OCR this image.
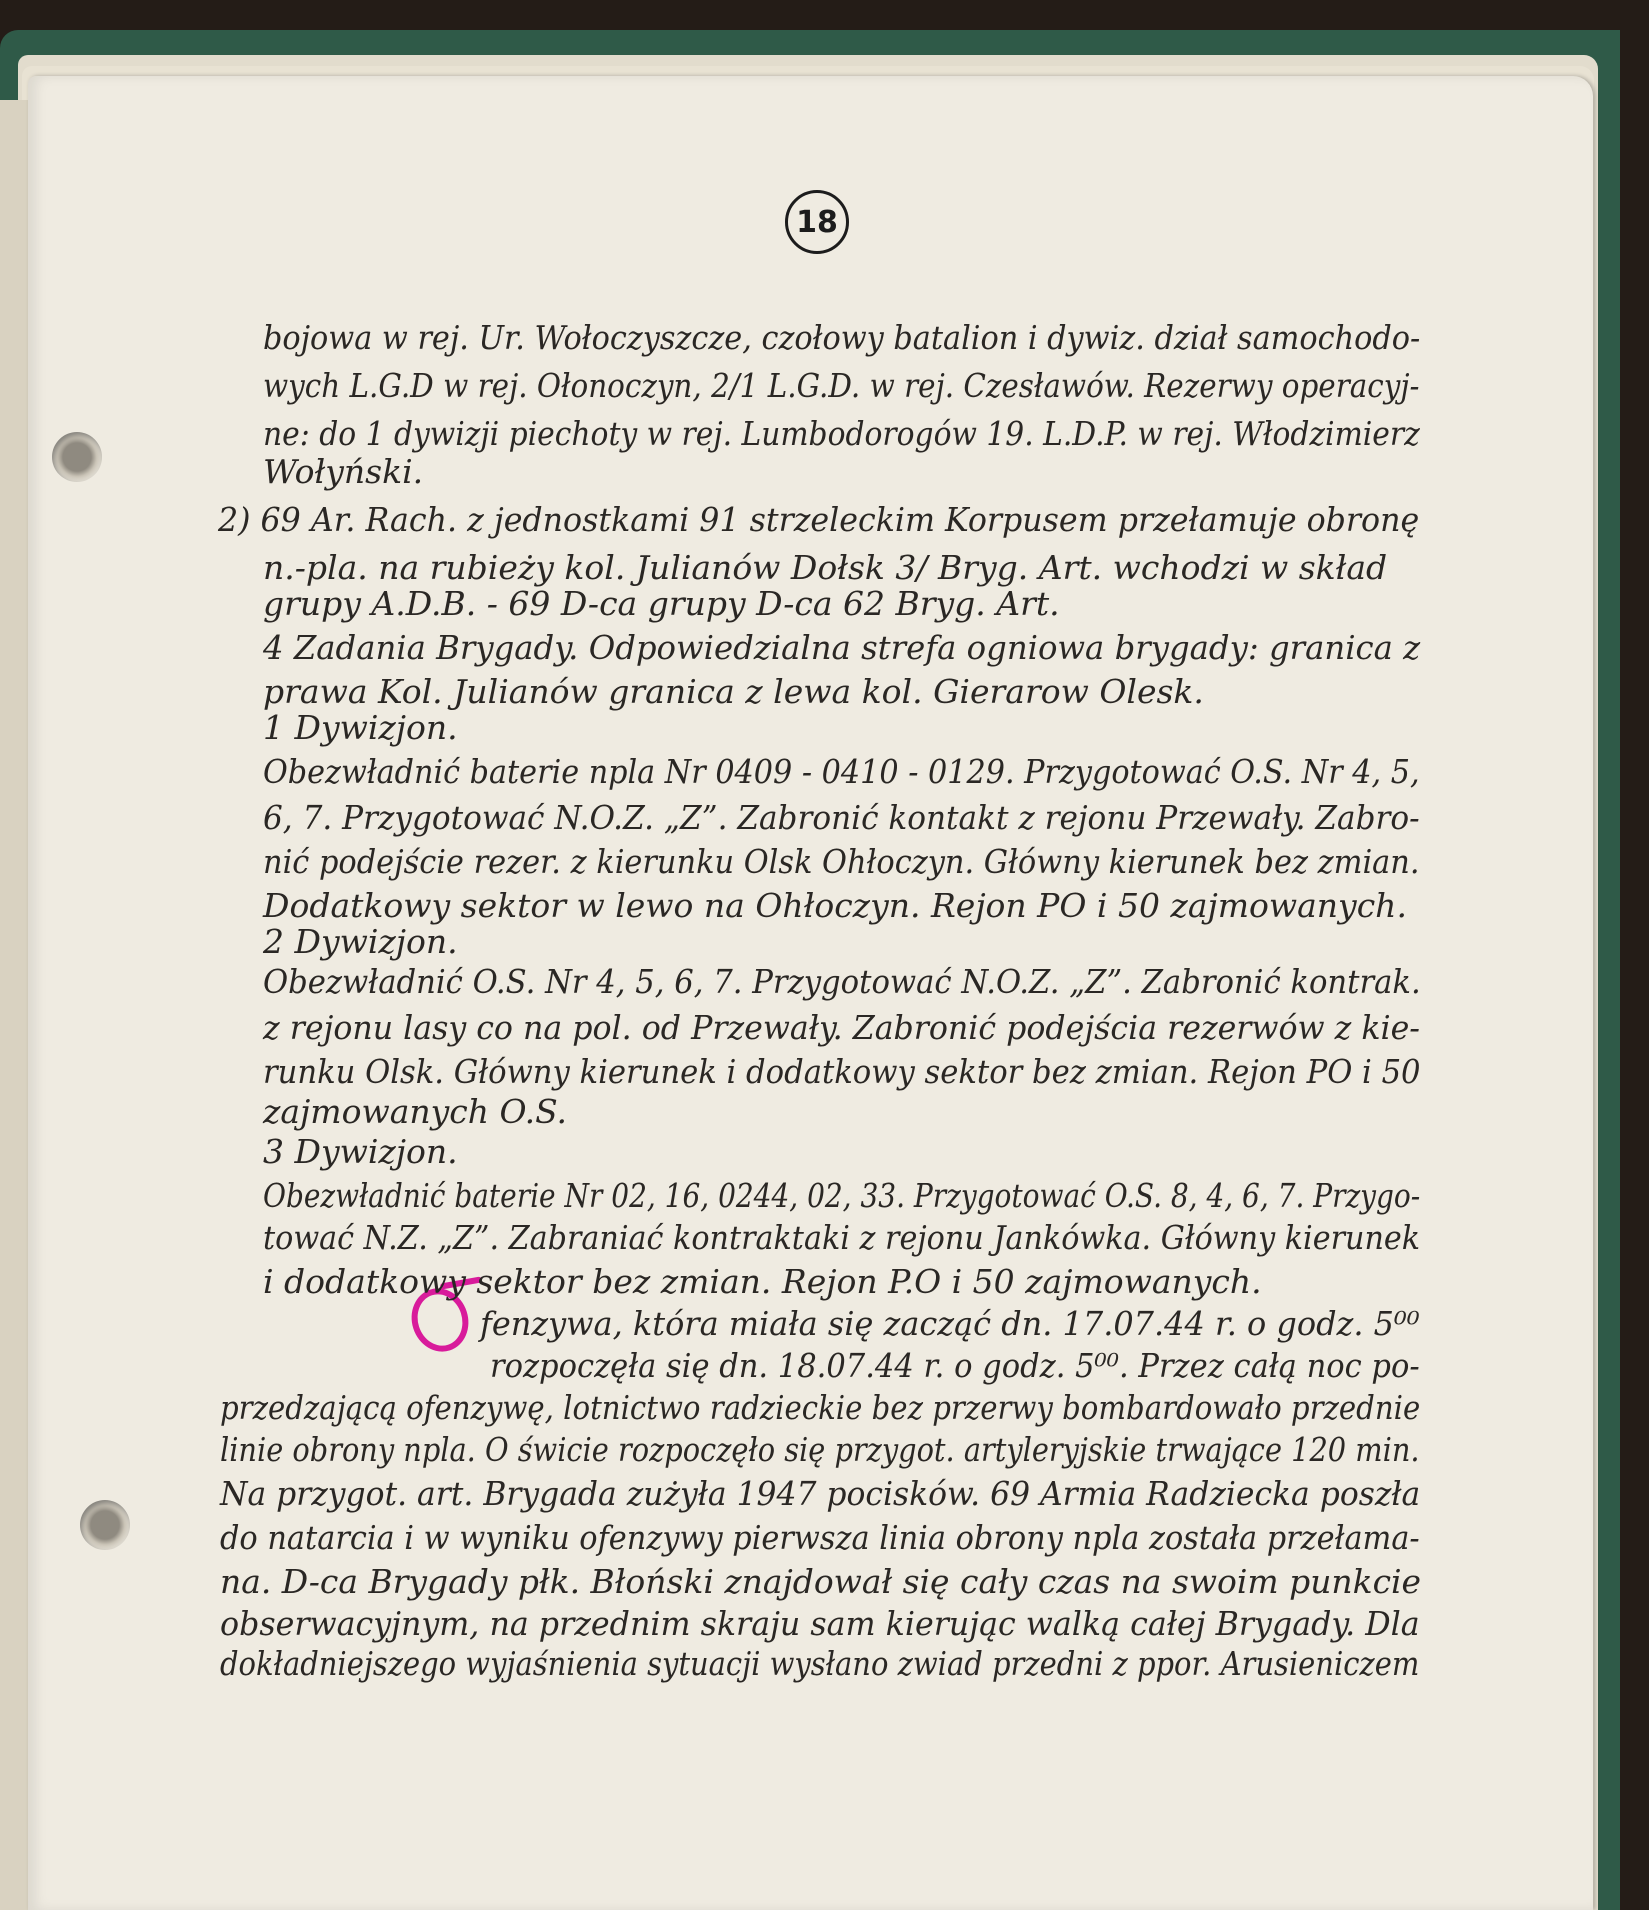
18
bojowa w rej. Ur. Wołoczyszcze, czołowy batalion i dywiz. dział samochodo-
wych L.G.D w rej. Ołonoczyn, 2/1 L.G.D. w rej. Czesławów. Rezerwy operacyj-
ne: do 1 dywizji piechoty w rej. Lumbodorogów 19. L.D.P. w rej. Włodzimierz
Wołyński.
2) 69 Ar. Rach. z jednostkami 91 strzeleckim Korpusem przełamuje obronę
n.-pla. na rubieży kol. Julianów Dołsk 3/ Bryg. Art. wchodzi w skład
grupy A.D.B. - 69 D-ca grupy D-ca 62 Bryg. Art.
4 Zadania Brygady. Odpowiedzialna strefa ogniowa brygady: granica z
prawa Kol. Julianów granica z lewa kol. Gierarow Olesk.
1 Dywizjon.
Obezwładnić baterie npla Nr 0409 - 0410 - 0129. Przygotować O.S. Nr 4, 5,
6, 7. Przygotować N.O.Z. „Z”. Zabronić kontakt z rejonu Przewały. Zabro-
nić podejście rezer. z kierunku Olsk Ohłoczyn. Główny kierunek bez zmian.
Dodatkowy sektor w lewo na Ohłoczyn. Rejon PO i 50 zajmowanych.
2 Dywizjon.
Obezwładnić O.S. Nr 4, 5, 6, 7. Przygotować N.O.Z. „Z”. Zabronić kontrak.
z rejonu lasy co na pol. od Przewały. Zabronić podejścia rezerwów z kie-
runku Olsk. Główny kierunek i dodatkowy sektor bez zmian. Rejon PO i 50
zajmowanych O.S.
3 Dywizjon.
Obezwładnić baterie Nr 02, 16, 0244, 02, 33. Przygotować O.S. 8, 4, 6, 7. Przygo-
tować N.Z. „Z”. Zabraniać kontraktaki z rejonu Jankówka. Główny kierunek
i dodatkowy sektor bez zmian. Rejon P.O i 50 zajmowanych.
fenzywa, która miała się zacząć dn. 17.07.44 r. o godz. 5⁰⁰
rozpoczęła się dn. 18.07.44 r. o godz. 5⁰⁰. Przez całą noc po-
przedzającą ofenzywę, lotnictwo radzieckie bez przerwy bombardowało przednie
linie obrony npla. O świcie rozpoczęło się przygot. artyleryjskie trwające 120 min.
Na przygot. art. Brygada zużyła 1947 pocisków. 69 Armia Radziecka poszła
do natarcia i w wyniku ofenzywy pierwsza linia obrony npla została przełama-
na. D-ca Brygady płk. Błoński znajdował się cały czas na swoim punkcie
obserwacyjnym, na przednim skraju sam kierując walką całej Brygady. Dla
dokładniejszego wyjaśnienia sytuacji wysłano zwiad przedni z ppor. Arusieniczem
